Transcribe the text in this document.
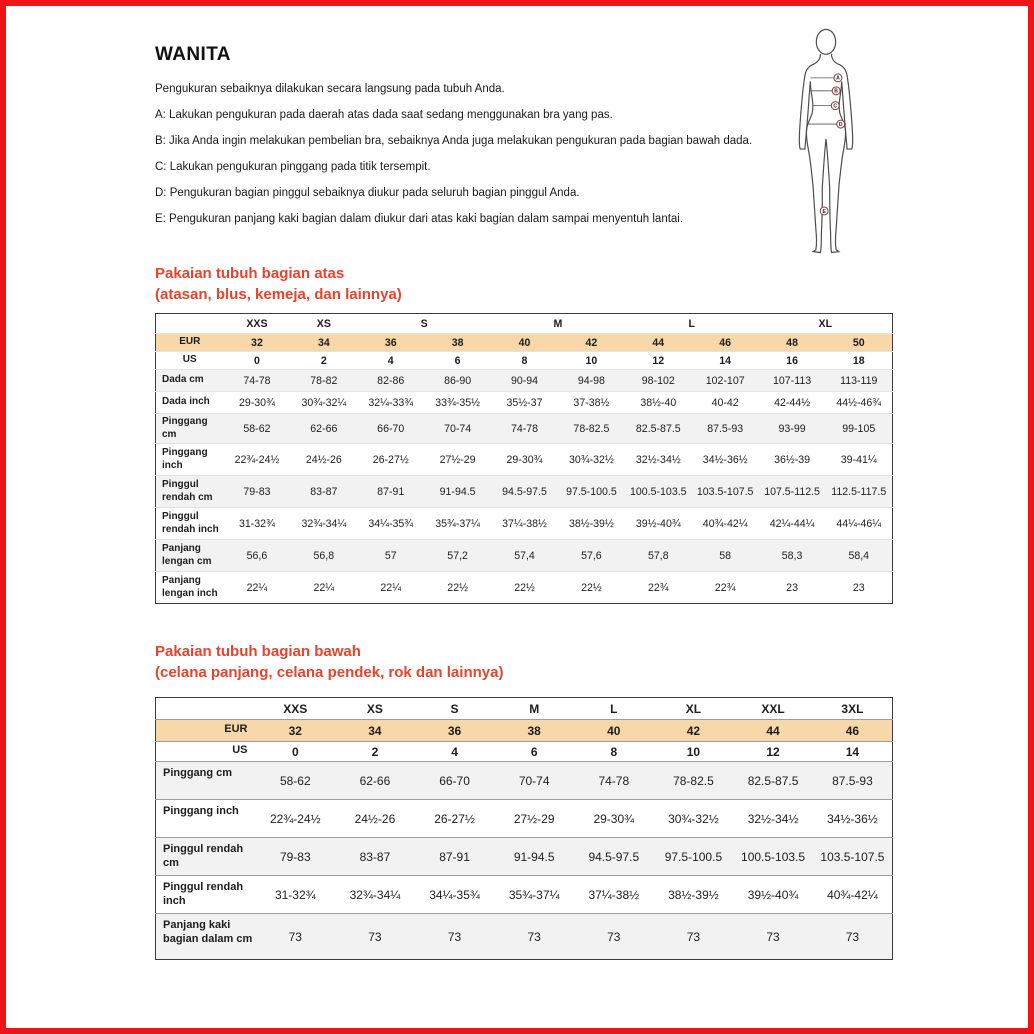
WANITA
Pengukuran sebaiknya dilakukan secara langsung pada tubuh Anda.
A: Lakukan pengukuran pada daerah atas dada saat sedang menggunakan bra yang pas.
B: Jika Anda ingin melakukan pembelian bra, sebaiknya Anda juga melakukan pengukuran pada bagian bawah dada.
C: Lakukan pengukuran pinggang pada titik tersempit.
D: Pengukuran bagian pinggul sebaiknya diukur pada seluruh bagian pinggul Anda.
E: Pengukuran panjang kaki bagian dalam diukur dari atas kaki bagian dalam sampai menyentuh lantai.
A
B
C
D
E
Pakaian tubuh bagian atas
(atasan, blus, kemeja, dan lainnya)
	XXS	XS	S		M		L		XL	
EUR	32	34	36	38	40	42	44	46	48	50
US	0	2	4	6	8	10	12	14	16	18
Dada cm	74-78	78-82	82-86	86-90	90-94	94-98	98-102	102-107	107-113	113-119
Dada inch	29-30¾	30¾-32¼	32¼-33¾	33¾-35½	35½-37	37-38½	38½-40	40-42	42-44½	44½-46¾
Pinggang cm	58-62	62-66	66-70	70-74	74-78	78-82.5	82.5-87.5	87.5-93	93-99	99-105
Pinggang inch	22¾-24½	24½-26	26-27½	27½-29	29-30¾	30¾-32½	32½-34½	34½-36½	36½-39	39-41¼
Pinggul rendah cm	79-83	83-87	87-91	91-94.5	94.5-97.5	97.5-100.5	100.5-103.5	103.5-107.5	107.5-112.5	112.5-117.5
Pinggul rendah inch	31-32¾	32¾-34¼	34¼-35¾	35¾-37¼	37¼-38½	38½-39½	39½-40¾	40¾-42¼	42¼-44¼	44¼-46¼
Panjang lengan cm	56,6	56,8	57	57,2	57,4	57,6	57,8	58	58,3	58,4
Panjang lengan inch	22¼	22¼	22¼	22½	22½	22½	22¾	22¾	23	23
Pakaian tubuh bagian bawah
(celana panjang, celana pendek, rok dan lainnya)
	XXS	XS	S	M	L	XL	XXL	3XL
EUR	32	34	36	38	40	42	44	46
US	0	2	4	6	8	10	12	14
Pinggang cm	58-62	62-66	66-70	70-74	74-78	78-82.5	82.5-87.5	87.5-93
Pinggang inch	22¾-24½	24½-26	26-27½	27½-29	29-30¾	30¾-32½	32½-34½	34½-36½
Pinggul rendah cm	79-83	83-87	87-91	91-94.5	94.5-97.5	97.5-100.5	100.5-103.5	103.5-107.5
Pinggul rendah inch	31-32¾	32¾-34¼	34¼-35¾	35¾-37¼	37¼-38½	38½-39½	39½-40¾	40¾-42¼
Panjang kaki bagian dalam cm	73	73	73	73	73	73	73	73
